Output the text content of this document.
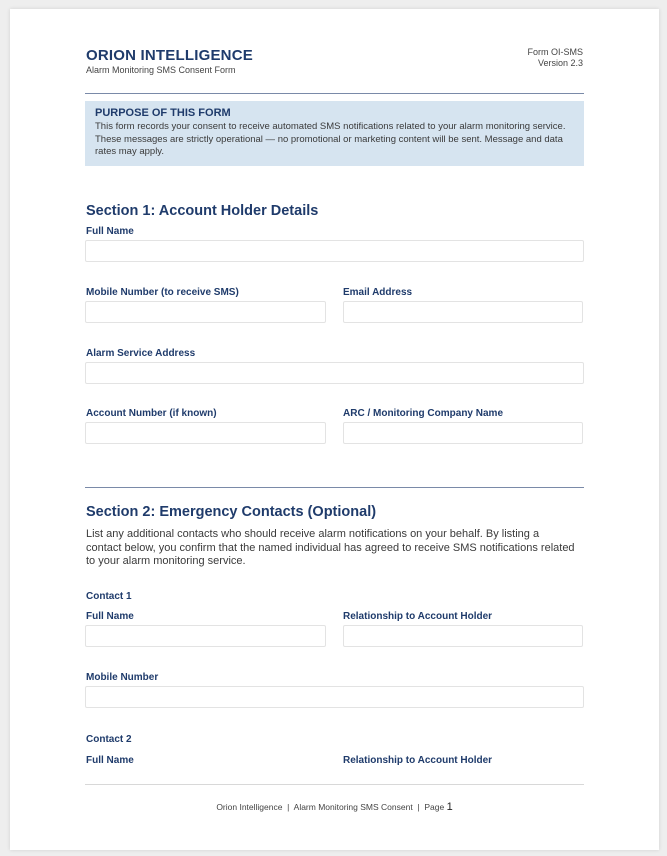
ORION INTELLIGENCE
Alarm Monitoring SMS Consent Form
Form OI-SMS
Version 2.3
PURPOSE OF THIS FORM
This form records your consent to receive automated SMS notifications related to your alarm monitoring service. These messages are strictly operational — no promotional or marketing content will be sent. Message and data rates may apply.
Section 1: Account Holder Details
Full Name
Mobile Number (to receive SMS)	Email Address
Alarm Service Address
Account Number (if known)	ARC / Monitoring Company Name
Section 2: Emergency Contacts (Optional)
List any additional contacts who should receive alarm notifications on your behalf. By listing a contact below, you confirm that the named individual has agreed to receive SMS notifications related to your alarm monitoring service.
Contact 1
Full Name	Relationship to Account Holder
Mobile Number
Contact 2
Full Name	Relationship to Account Holder
Orion Intelligence  |  Alarm Monitoring SMS Consent  |  Page 1
